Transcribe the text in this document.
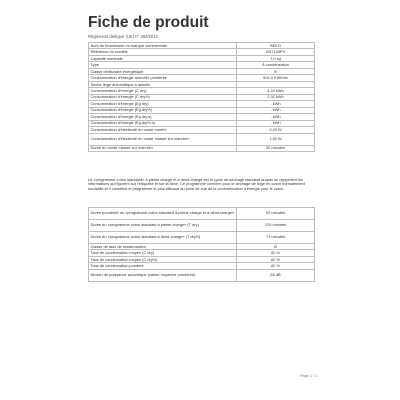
Fiche de produit
Règlement délégué (UE) n° 392/2012
Nom du fournisseur ou marque commerciale	BEKO
Référence du modèle	DS7133PX
Capacité nominale	7,0 kg
Type	À condensation
Classe d'efficacité énergétique	B
Consommation d'énergie annuelle pondérée	504,0 KWh/an
Sèche-linge automatique à lamelle	
Consommation d'énergie (C dry)	4,20 kWh
Consommation d'énergie (C dry½)	2,31 kWh
Consommation d'énergie (Eg dry)	- kWh
Consommation d'énergie (Eg dry½)	- kWh
Consommation d'énergie (Eg dry,a)	- kWh
Consommation d'énergie (Eg dry½,a)	- kWh
Consommation d'électricité en mode «arrêt»	0,43 W
Consommation d'électricité en mode «laissé sur marche»	1,00 W
Durée du mode «laissé sur marche»	30 minutes
Le «programme coton standard» à pleine charge et à demi-charge est le cycle de séchage standard auquel se rapportent les informations qui figurent sur l'étiquette et sur la fiche. Ce programme convient pour le séchage de linge en coton normalement humidifié et il constitue le programme le plus efficace du point de vue de la consommation d'énergie pour le coton.
Durée pondérée du «programme coton standard à pleine charge et à demi-charge»	92 minutes
Durée du «programme coton standard à pleine charge» (T dry)	120 minutes
Durée du «programme coton standard à demi-charge» (T dry½)	71 minutes
Classe de taux de condensation	B
Taux de condensation moyen (C dry)	82 %
Taux de condensation moyen (C dry½)	82 %
Taux de condensation pondéré	82 %
Niveau de puissance acoustique (valeur moyenne pondérée)	65 dB
Page 1 / 1
